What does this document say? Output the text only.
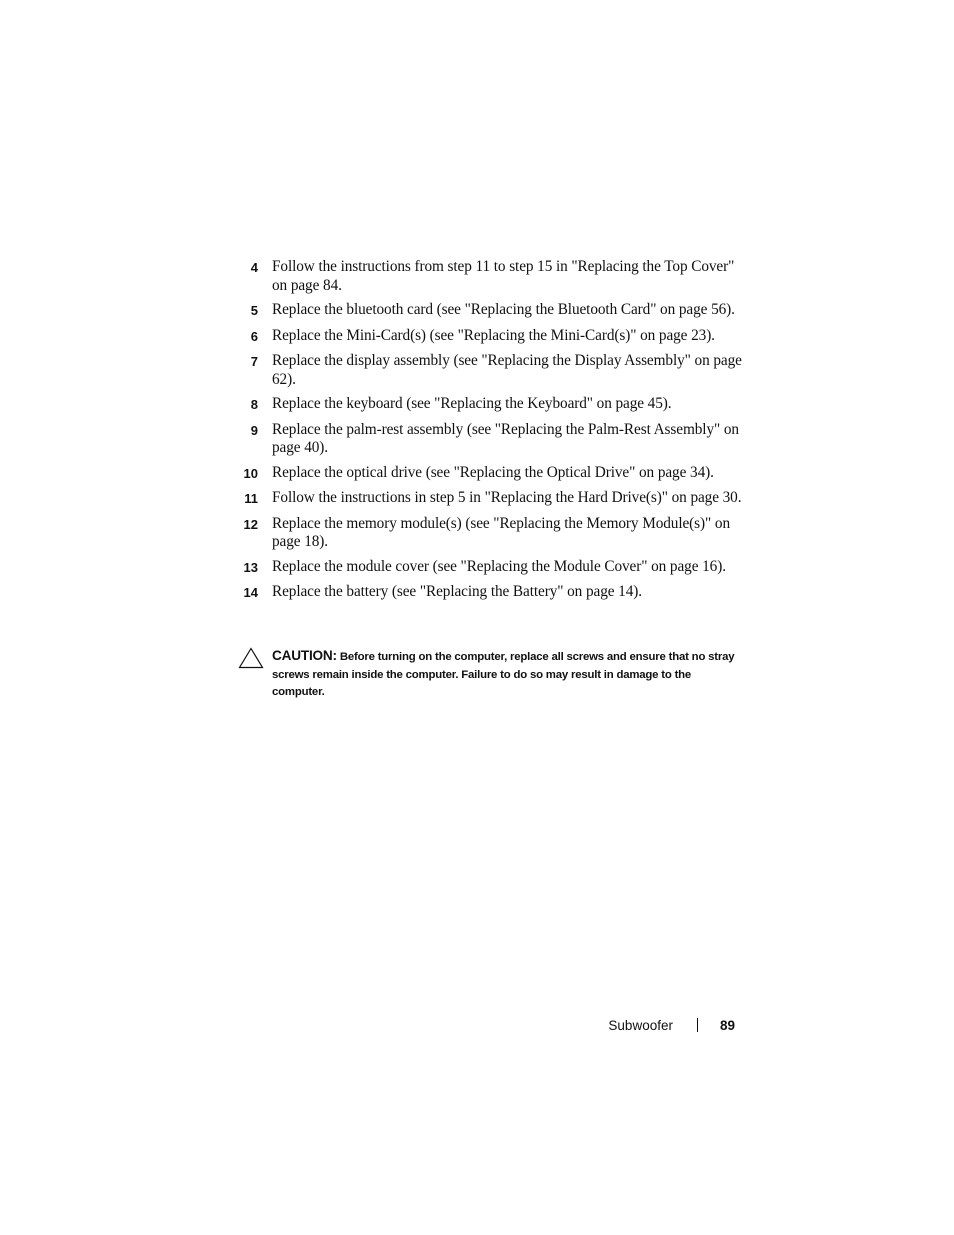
4 Follow the instructions from step 11 to step 15 in "Replacing the Top Cover" on page 84.
5 Replace the bluetooth card (see "Replacing the Bluetooth Card" on page 56).
6 Replace the Mini-Card(s) (see "Replacing the Mini-Card(s)" on page 23).
7 Replace the display assembly (see "Replacing the Display Assembly" on page 62).
8 Replace the keyboard (see "Replacing the Keyboard" on page 45).
9 Replace the palm-rest assembly (see "Replacing the Palm-Rest Assembly" on page 40).
10 Replace the optical drive (see "Replacing the Optical Drive" on page 34).
11 Follow the instructions in step 5 in "Replacing the Hard Drive(s)" on page 30.
12 Replace the memory module(s) (see "Replacing the Memory Module(s)" on page 18).
13 Replace the module cover (see "Replacing the Module Cover" on page 16).
14 Replace the battery (see "Replacing the Battery" on page 14).
CAUTION: Before turning on the computer, replace all screws and ensure that no stray screws remain inside the computer. Failure to do so may result in damage to the computer.
Subwoofer	89
